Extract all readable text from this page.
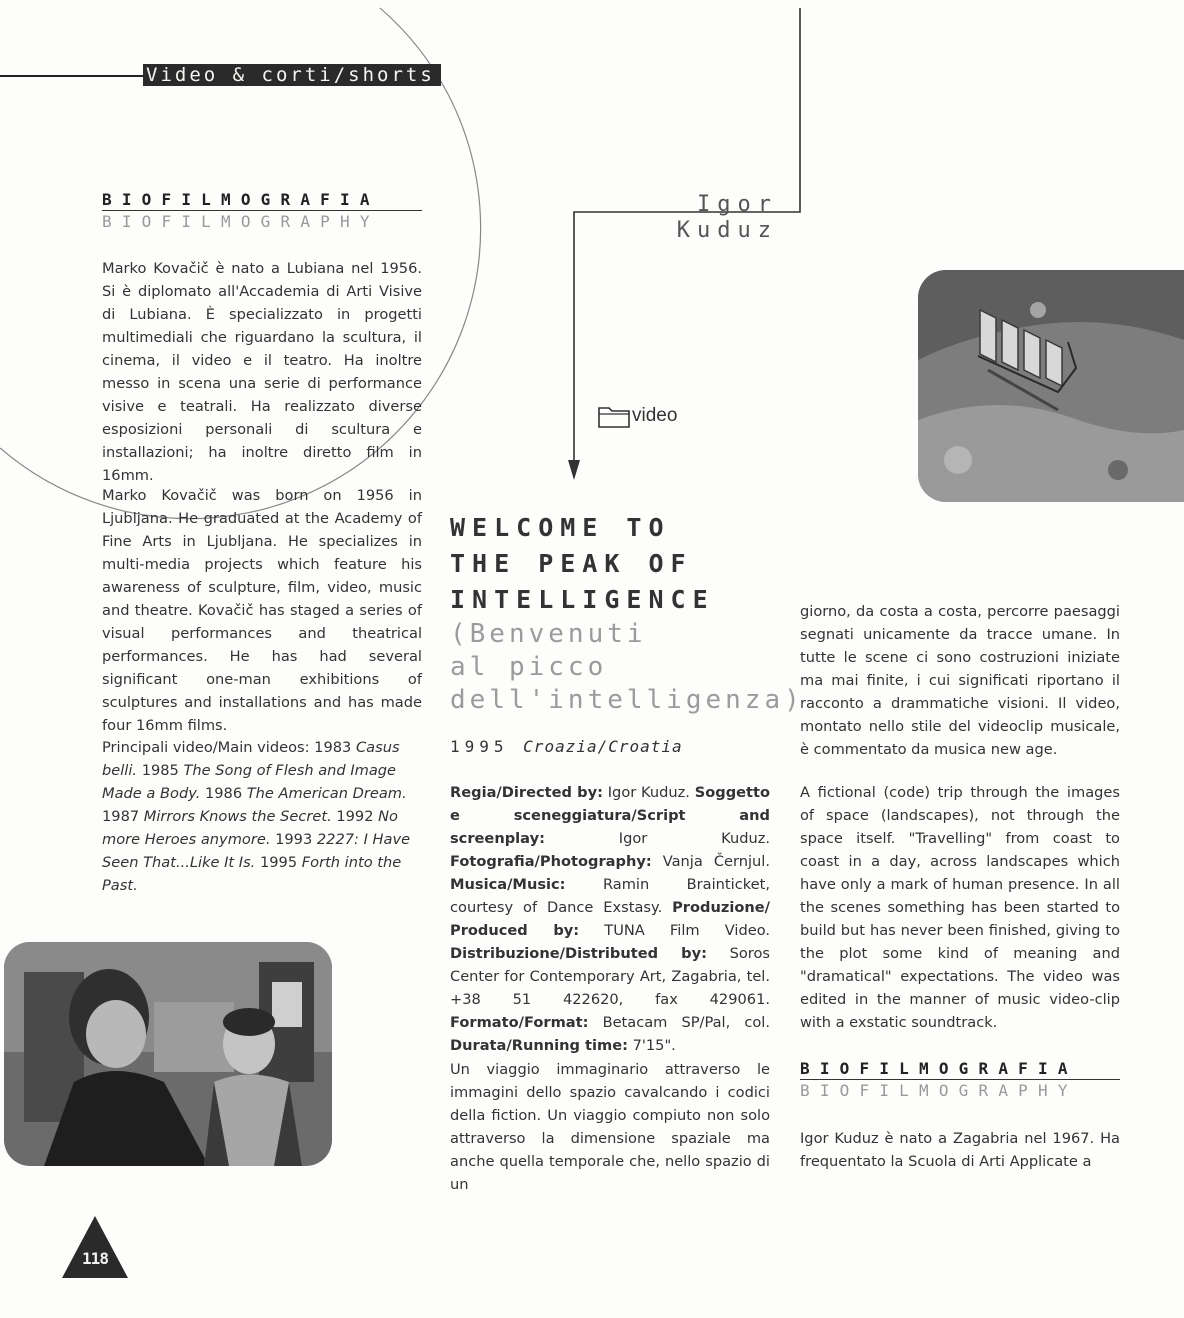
Video & corti/shorts
BIOFILMOGRAFIA
BIOFILMOGRAPHY
Marko Kovačič è nato a Lubiana nel 1956. Si è diplomato all'Accademia di Arti Visive di Lubiana. È specializzato in progetti multimediali che riguardano la scultura, il cinema, il video e il teatro. Ha inoltre messo in scena una serie di performance visive e teatrali. Ha realizzato diverse esposizioni personali di scultura e installazioni; ha inoltre diretto film in 16mm.
Marko Kovačič was born on 1956 in Ljubljana. He graduated at the Academy of Fine Arts in Ljubljana. He specializes in multi-media projects which feature his awareness of sculpture, film, video, music and theatre. Kovačič has staged a series of visual performances and theatrical performances. He has had several significant one-man exhibitions of sculptures and installations and has made four 16mm films.
Principali video/Main videos: 1983 Casus belli. 1985 The Song of Flesh and Image Made a Body. 1986 The American Dream. 1987 Mirrors Knows the Secret. 1992 No more Heroes anymore. 1993 2227: I Have Seen That...Like It Is. 1995 Forth into the Past.
118
Igor
Kuduz
video
WELCOME TO
THE PEAK OF
INTELLIGENCE
(Benvenuti
al picco
dell'intelligenza)
1995 Croazia/Croatia
Regia/Directed by: Igor Kuduz. Soggetto e sceneggiatura/Script and screenplay:	Igor Kuduz. Fotografia/Photography: Vanja Černjul. Musica/Music:	Ramin Brainticket, courtesy of Dance Exstasy. Produzione/ Produced by: TUNA Film Video. Distribuzione/Distributed by: Soros Center for Contemporary Art, Zagabria, tel. +38 51 422620, fax 429061. Formato/Format: Betacam SP/Pal, col. Durata/Running time: 7'15".
Un viaggio immaginario attraverso le immagini dello spazio cavalcando i codici della fiction. Un viaggio compiuto non solo attraverso la dimensione spaziale ma anche quella temporale che, nello spazio di un
giorno, da costa a costa, percorre paesaggi segnati unicamente da tracce umane. In tutte le scene ci sono costruzioni iniziate ma mai finite, i cui significati riportano il racconto a drammatiche visioni. Il video, montato nello stile del videoclip musicale, è commentato da musica new age.
A fictional (code) trip through the images of space (landscapes), not through the space itself. "Travelling" from coast to coast in a day, across landscapes which have only a mark of human presence. In all the scenes something has been started to build but has never been finished, giving to the plot some kind of meaning and "dramatical" expectations. The video was edited in the manner of music video-clip with a exstatic soundtrack.
BIOFILMOGRAFIA
BIOFILMOGRAPHY
Igor Kuduz è nato a Zagabria nel 1967. Ha frequentato la Scuola di Arti Applicate a
